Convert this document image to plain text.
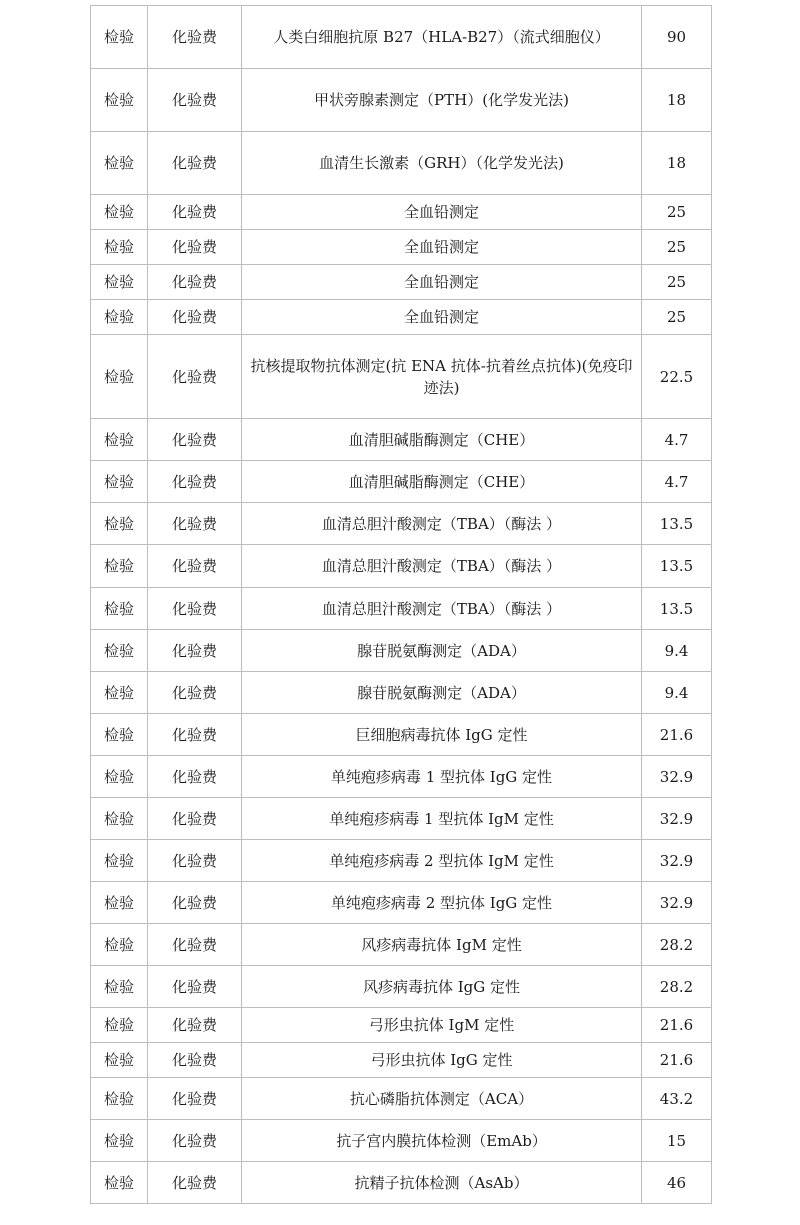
检验	化验费	人类白细胞抗原 B27（HLA-B27）（流式细胞仪）	90
检验	化验费	甲状旁腺素测定（PTH）(化学发光法)	18
检验	化验费	血清生长激素（GRH）（化学发光法)	18
检验	化验费	全血铅测定	25
检验	化验费	全血铅测定	25
检验	化验费	全血铅测定	25
检验	化验费	全血铅测定	25
检验	化验费	抗核提取物抗体测定(抗 ENA 抗体-抗着丝点抗体)(免疫印迹法)	22.5
检验	化验费	血清胆碱脂酶测定（CHE）	4.7
检验	化验费	血清胆碱脂酶测定（CHE）	4.7
检验	化验费	血清总胆汁酸测定（TBA）（酶法 ）	13.5
检验	化验费	血清总胆汁酸测定（TBA）（酶法 ）	13.5
检验	化验费	血清总胆汁酸测定（TBA）（酶法 ）	13.5
检验	化验费	腺苷脱氨酶测定（ADA）	9.4
检验	化验费	腺苷脱氨酶测定（ADA）	9.4
检验	化验费	巨细胞病毒抗体 IgG 定性	21.6
检验	化验费	单纯疱疹病毒 1 型抗体 IgG 定性	32.9
检验	化验费	单纯疱疹病毒 1 型抗体 IgM 定性	32.9
检验	化验费	单纯疱疹病毒 2 型抗体 IgM 定性	32.9
检验	化验费	单纯疱疹病毒 2 型抗体 IgG 定性	32.9
检验	化验费	风疹病毒抗体 IgM 定性	28.2
检验	化验费	风疹病毒抗体 IgG 定性	28.2
检验	化验费	弓形虫抗体 IgM 定性	21.6
检验	化验费	弓形虫抗体 IgG 定性	21.6
检验	化验费	抗心磷脂抗体测定（ACA）	43.2
检验	化验费	抗子宫内膜抗体检测（EmAb）	15
检验	化验费	抗精子抗体检测（AsAb）	46
